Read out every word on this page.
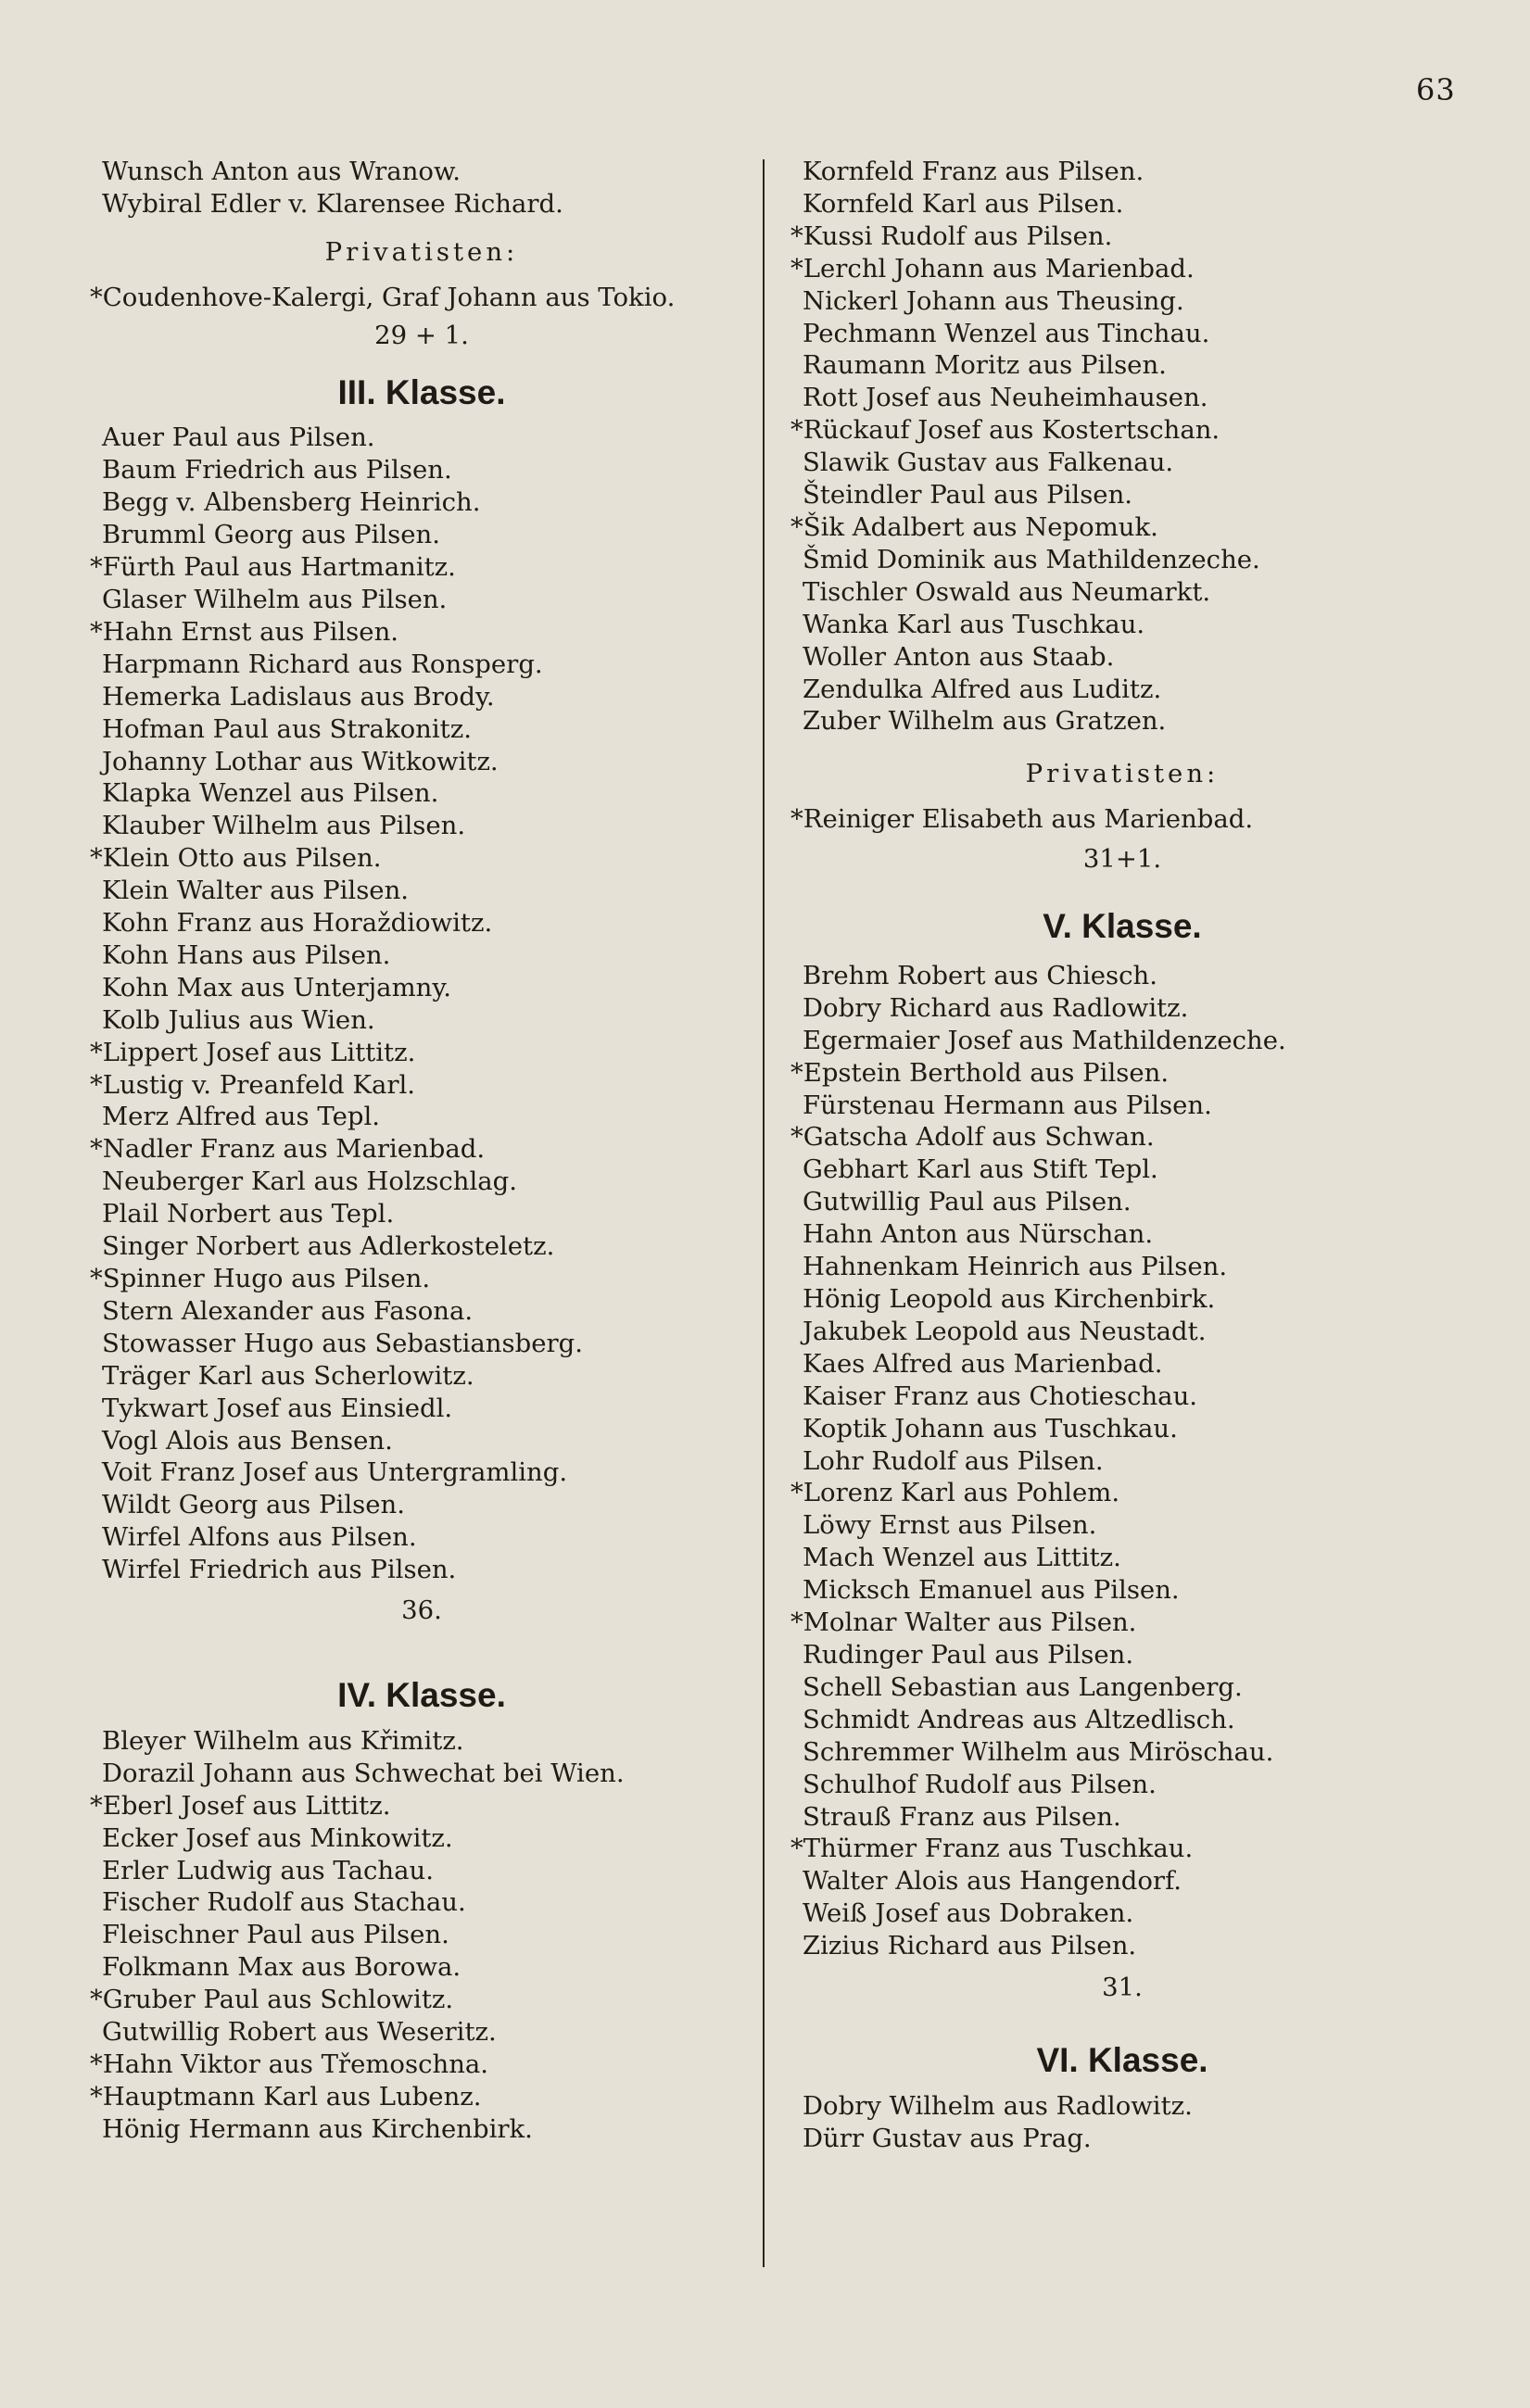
63
Wunsch Anton aus Wranow.
Wybiral Edler v. Klarensee Richard.
Privatisten:
*Coudenhove-Kalergi, Graf Johann aus Tokio.
29 + 1.
III. Klasse.
Auer Paul aus Pilsen.
Baum Friedrich aus Pilsen.
Begg v. Albensberg Heinrich.
Brumml Georg aus Pilsen.
*Fürth Paul aus Hartmanitz.
Glaser Wilhelm aus Pilsen.
*Hahn Ernst aus Pilsen.
Harpmann Richard aus Ronsperg.
Hemerka Ladislaus aus Brody.
Hofman Paul aus Strakonitz.
Johanny Lothar aus Witkowitz.
Klapka Wenzel aus Pilsen.
Klauber Wilhelm aus Pilsen.
*Klein Otto aus Pilsen.
Klein Walter aus Pilsen.
Kohn Franz aus Horaždiowitz.
Kohn Hans aus Pilsen.
Kohn Max aus Unterjamny.
Kolb Julius aus Wien.
*Lippert Josef aus Littitz.
*Lustig v. Preanfeld Karl.
Merz Alfred aus Tepl.
*Nadler Franz aus Marienbad.
Neuberger Karl aus Holzschlag.
Plail Norbert aus Tepl.
Singer Norbert aus Adlerkosteletz.
*Spinner Hugo aus Pilsen.
Stern Alexander aus Fasona.
Stowasser Hugo aus Sebastiansberg.
Träger Karl aus Scherlowitz.
Tykwart Josef aus Einsiedl.
Vogl Alois aus Bensen.
Voit Franz Josef aus Untergramling.
Wildt Georg aus Pilsen.
Wirfel Alfons aus Pilsen.
Wirfel Friedrich aus Pilsen.
36.
IV. Klasse.
Bleyer Wilhelm aus Křimitz.
Dorazil Johann aus Schwechat bei Wien.
*Eberl Josef aus Littitz.
Ecker Josef aus Minkowitz.
Erler Ludwig aus Tachau.
Fischer Rudolf aus Stachau.
Fleischner Paul aus Pilsen.
Folkmann Max aus Borowa.
*Gruber Paul aus Schlowitz.
Gutwillig Robert aus Weseritz.
*Hahn Viktor aus Třemoschna.
*Hauptmann Karl aus Lubenz.
Hönig Hermann aus Kirchenbirk.
Kornfeld Franz aus Pilsen.
Kornfeld Karl aus Pilsen.
*Kussi Rudolf aus Pilsen.
*Lerchl Johann aus Marienbad.
Nickerl Johann aus Theusing.
Pechmann Wenzel aus Tinchau.
Raumann Moritz aus Pilsen.
Rott Josef aus Neuheimhausen.
*Rückauf Josef aus Kostertschan.
Slawik Gustav aus Falkenau.
Šteindler Paul aus Pilsen.
*Šik Adalbert aus Nepomuk.
Šmid Dominik aus Mathildenzeche.
Tischler Oswald aus Neumarkt.
Wanka Karl aus Tuschkau.
Woller Anton aus Staab.
Zendulka Alfred aus Luditz.
Zuber Wilhelm aus Gratzen.
Privatisten:
*Reiniger Elisabeth aus Marienbad.
31+1.
V. Klasse.
Brehm Robert aus Chiesch.
Dobry Richard aus Radlowitz.
Egermaier Josef aus Mathildenzeche.
*Epstein Berthold aus Pilsen.
Fürstenau Hermann aus Pilsen.
*Gatscha Adolf aus Schwan.
Gebhart Karl aus Stift Tepl.
Gutwillig Paul aus Pilsen.
Hahn Anton aus Nürschan.
Hahnenkam Heinrich aus Pilsen.
Hönig Leopold aus Kirchenbirk.
Jakubek Leopold aus Neustadt.
Kaes Alfred aus Marienbad.
Kaiser Franz aus Chotieschau.
Koptik Johann aus Tuschkau.
Lohr Rudolf aus Pilsen.
*Lorenz Karl aus Pohlem.
Löwy Ernst aus Pilsen.
Mach Wenzel aus Littitz.
Micksch Emanuel aus Pilsen.
*Molnar Walter aus Pilsen.
Rudinger Paul aus Pilsen.
Schell Sebastian aus Langenberg.
Schmidt Andreas aus Altzedlisch.
Schremmer Wilhelm aus Miröschau.
Schulhof Rudolf aus Pilsen.
Strauß Franz aus Pilsen.
*Thürmer Franz aus Tuschkau.
Walter Alois aus Hangendorf.
Weiß Josef aus Dobraken.
Zizius Richard aus Pilsen.
31.
VI. Klasse.
Dobry Wilhelm aus Radlowitz.
Dürr Gustav aus Prag.
